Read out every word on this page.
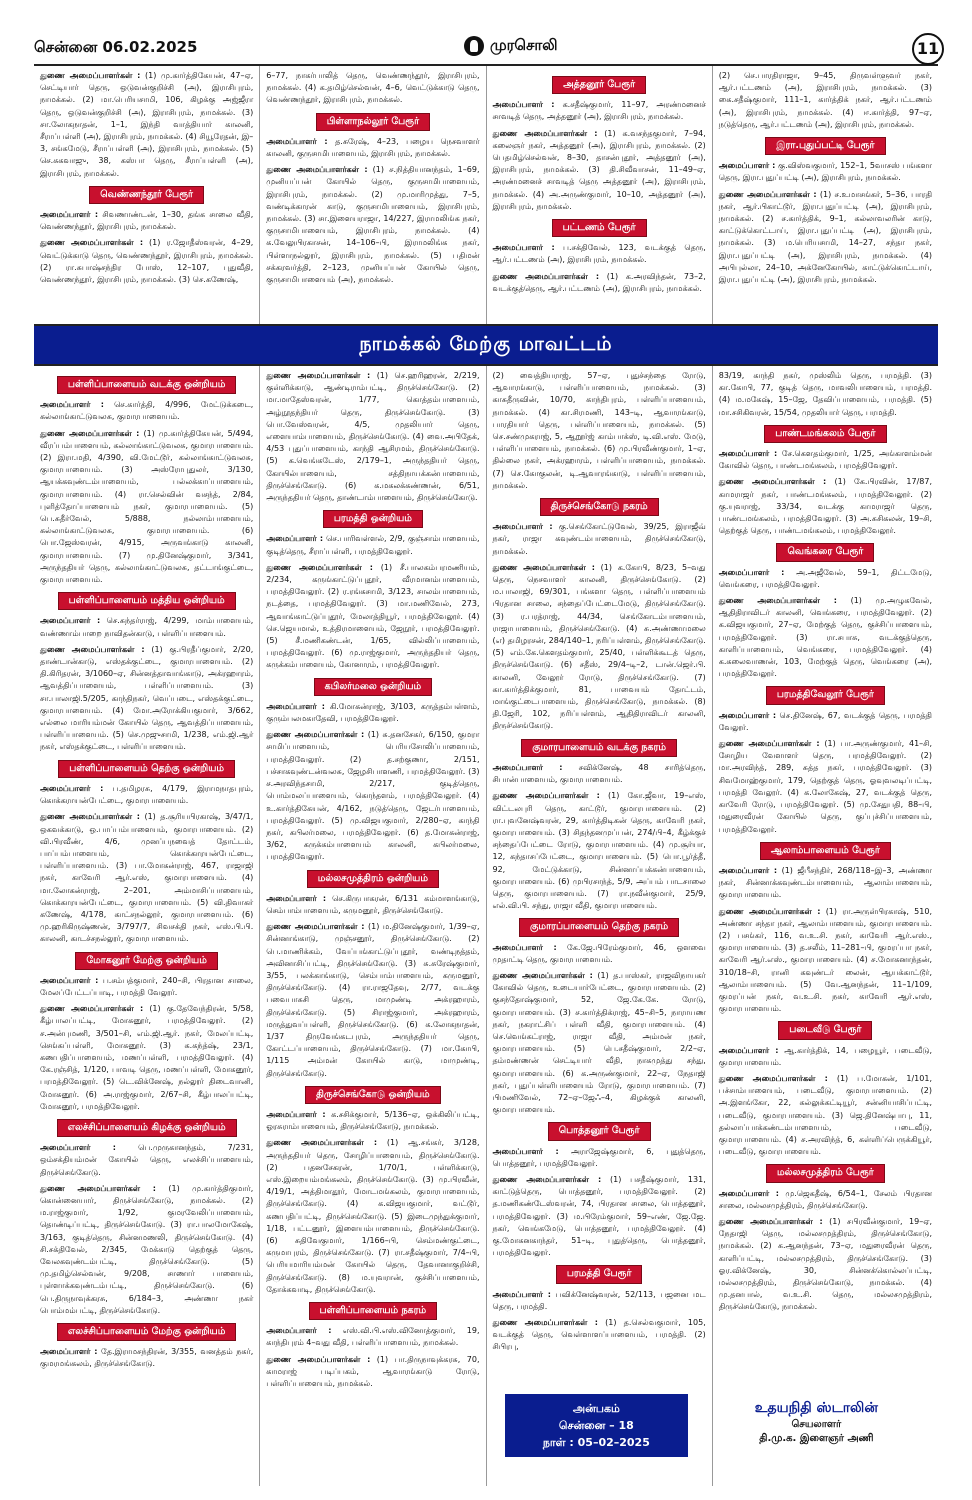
சென்னை 06.02.2025	முரசொலி	11

துணை அமைப்பாளர்கள் : (1) மு.கார்த்திகேயன், 47–ஏ, செட்டியார் தெரு, ஒடுவன்குறிச்சி (அ), இராசிபுரம், நாமக்கல். (2) மா.பெரியசாமி, 106, கிழக்கு அஜ்ஜீரா தெரு, ஒடுவன்குறிச்சி (அ), இராசிபுரம், நாமக்கல். (3) சா.லோகநாதன், 1–1, இந்தி வாத்தியார் காலனி, சீராப்பள்ளி (அ), இராசிபுரம், நாமக்கல். (4) சியூரேதன், இ–3, சங்கமேடு, சீராப்பள்ளி (அ), இராசிபுரம், நாமக்கல். (5) செ.சுகவாஜு, 38, கஸ்பா தெரு, சீராப்பள்ளி (அ), இராசிபுரம், நாமக்கல்.

வெண்ணந்தூர் பேரூர்

அமைப்பாளர் : சிவணாண்டன், 1–30, தங்க சாலை வீதி, வெண்ணந்தூர், இராசிபுரம், நாமக்கல்.

துணை அமைப்பாளர்கள் : (1) ர.ஜோதீஸ்வரன், 4–29, வெட்டுக்காடு தெரு, வெண்ணந்தூர், இராசிபுரம், நாமக்கல். (2) ரா.சுபாஷ்சந்திர போஸ், 12–107, புதுவீதி, வெண்ணந்தூர், இராசிபுரம், நாமக்கல். (3) செ.கணேஷ்,

6–77, நாகர்பாலித் தெரு, வெண்ணந்தூர், இராசிபுரம், நாமக்கல். (4) க.தமிழ்செல்வன், 4–6, வெட்டுக்காடு தெரு, வெண்ணந்தூர், இராசிபுரம், நாமக்கல்.

பிள்ளாநல்லூர் பேரூர்

அமைப்பாளர் : த.சுரேஷ், 4–23, பழைய நெசவாளர் காலனி, குருசாமிபாளையம், இராசிபுரம், நாமக்கல்.

துணை அமைப்பாளர்கள் : (1) ச.நித்தியானந்தம், 1–69, முனியப்பன் கோயில் தெரு, குருசாமிபாளையம், இராசிபுரம், நாமக்கல். (2) மு.மாரிமுத்து, 7–5, வண்டிக்காரன் காடு, குருசாமிபாளையம், இராசிபுரம், நாமக்கல். (3) சா.இளையராஜா, 14/227, இராமலிங்க நகர், குருசாமிபாளையம், இராசிபுரம், நாமக்கல். (4) க.வேலுபிரகாசன், 14–106–பி, இராமலிங்க நகர், பிள்ளாநல்லூர், இராசிபுரம், நாமக்கல். (5) பதிமன் சக்கரவர்த்தி, 2–123, முனியப்பன் கோயில் தெரு, குருசாமிபாளையம் (அ), நாமக்கல்.

அத்தனூர் பேரூர்

அமைப்பாளர் : க.சதீஷ்குமார், 11–97, அரண்மனைச் சாவடித் தெரு, அத்தனூர் (அ), இராசிபுரம், நாமக்கல்.

துணை அமைப்பாளர்கள் : (1) க.வசந்தகுமார், 7–94, கலைஞர் நகர், அத்தனூர் (அ), இராசிபுரம், நாமக்கல். (2) பெதமிழ்செல்வன், 8–30, தாசன்புதூர், அத்தனூர் (அ), இராசிபுரம், நாமக்கல். (3) தி.சிவீவாசன், 11–49–ஏ, அரண்மனைச் சாவடித் தெரு அத்தனூர் (அ), இராசிபுரம், நாமக்கல். (4) அ.அருண்குமார், 10–10, அத்தனூர் (அ), இராசிபுரம், நாமக்கல்.

பட்டணம் பேரூர்

அமைப்பாளர் : ப.சக்திவேல், 123, வடக்குத் தெரு, ஆர்.பட்டணம் (அ), இராசிபுரம், நாமக்கல்.

துணை அமைப்பாளர்கள் : (1) க.அரவிந்தன், 73–2, வடக்குத்தெரு, ஆர்.பட்டணம் (அ), இராசிபுரம், நாமக்கல்.

(2) செ.பாரதிராஜா, 9–45, திருவள்ளுவர் நகர், ஆர்.பட்டணம் (அ), இராசிபுரம், நாமக்கல். (3) கை.சதீஷ்குமார், 111–1, கார்த்திக் நகர், ஆர்.பட்டணம் (அ), இராசிபுரம், நாமக்கல். (4) ஈ.கார்த்தி, 97–ஏ, நடுத்தெரு, ஆர்.பட்டணம் (அ), இராசிபுரம், நாமக்கல்.

இரா.புதுப்பட்டி பேரூர்

அமைப்பாளர் : கு.விஸ்வகுமார், 152–1, 5வாசஸ் பங்களா தெரு, இரா.புதுப்பட்டி (அ), இராசிபுரம், நாமக்கல்.

துணை அமைப்பாளர்கள் : (1) ச.உமாசங்கர், 5–36, பாரதி நகர், ஆர்.பிகாட்டூர், இரா.புதுப்பட்டி (அ), இராசிபுரம், நாமக்கல். (2) ச.கார்த்திக், 9–1, கல்லாவலரின் காடு, காட்டுக்கொட்டாய், இரா.புதுப்பட்டி (அ), இராசிபுரம், நாமக்கல். (3) ம.பெரியசாமி, 14–27, சந்தா நகர், இரா.புதுப்பட்டி (அ), இராசிபுரம், நாமக்கல். (4) அபிபுல்லா, 24–10, அக்னேகோயில், காட்டுக்கொட்டாய், இரா.புதுப்பட்டி (அ), இராசிபுரம், நாமக்கல்.

நாமக்கல் மேற்கு மாவட்டம்
பள்ளிப்பாளையம் வடக்கு ஒன்றியம்

அமைப்பாளர் : செ.கார்த்தி, 4/996, மேட்டுக்கடை, கல்லாங்காட்டுவலசு, குமாரபாளையம்.

துணை அமைப்பாளர்கள் : (1) மு.கார்த்திகேயன், 5/494, வீரப்பம்பாளையம், கல்லாங்காட்டுவலசு, குமாரபாளையம். (2) இரா.மதி, 4/390, வி.மேட்டூர், கல்லாங்காட்டுவலசு, குமாரபாளையம். (3) அஸ்ரோபுதுலர், 3/130, ஆயக்கவுண்டம்பாளையம், பல்லக்காப்பாளையம், குமாரபாளையம். (4) ரா.செல்வின் வசந்த், 2/84, புளித்தோப்பாளையம் நகர், குமாரபாளையம். (5) பெ.சுதீர்வேல், 5/888, நல்லாம்பாளையம், கல்லாங்காட்டுவலசு, குமாரபாளையம். (6) பொ.ஜேஸ்வரன், 4/915, அருவங்காடு காலனி, குமாரபாளையம். (7) மு.தினேஷ்குமார், 3/341, அருந்ததியர் தெரு, கல்லாங்காட்டுவலசு, தட்டாங்குட்டை, குமாரபாளையம்.

பள்ளிப்பாளையம் மத்திய ஒன்றியம்

அமைப்பாளர் : செ.சுந்தர்ராஜ், 4/299, மாம்பாளையம், வண்ணாம்பாறை நாவிதன்காடு, பள்ளிப்பாளையம்.

துணை அமைப்பாளர்கள் : (1) கு.பிரதீப்குமார், 2/20, தாண்டான்காடு, எஸ்தக்குட்டை, குமாரபாளையம். (2) தி.கிரிதரன், 3/1060–ஏ, சின்னத்தாவாங்காடு, அக்ரஹாரம், ஆவத்திப்பாளையம், பள்ளிப்பாளையம். (3) சா.பாலாஜி.5/205, காந்திநகர், வெப்படை, எஸ்தக்குட்டை, குமாரபாளையம். (4) மோ.அரோக்கியகுமார், 3/662, எல்லை மாரியம்மன் கோயில் தெரு, ஆவத்திப்பாளையம், பள்ளிப்பாளையம். (5) செ.முஜுசாமி, 1/238, எம்.ஜி.ஆர் நகர், எஸ்தக்குட்டை, பள்ளிப்பாளையம்.

பள்ளிப்பாளையம் தெற்கு ஒன்றியம்

அமைப்பாளர் : ப.தமிழரசு, 4/179, இராமநாதபுரம், கொக்கராயன்பேட்டை, குமாரபாளையம்.

துணை அமைப்பாளர்கள் : (1) த.சூரியபிரகாஷ், 3/47/1, ஒகவக்காடு, ஒ.பாப்பம்பாளையம், குமாரபாளையம். (2) வி.பிரவீண், 4/6, முனப்பநவைத் தோட்டம், பாப்பம்பாளையம், கொக்காரயன்பேட்டை, பள்ளிப்பாளையம். (3) பா.மோகன்ராஜ், 467, ராஜாஜி நகர், காவேரி ஆர்.எஸ், குமாரபாளையம். (4) மா.லோகன்ராஜ், 2–201, அம்மாசிப்பாளையம், கொக்காரயன்பேட்டை, குமாரபாளையம். (5) வி.திவாகர் கணேஷ், 4/178, காட்சநல்லூர், குமாரபாளையம். (6) மு.ஹரிகிருஷ்ணன், 3/797/7, சிவசக்தி நகர், எஸ்.பி.பி. காலனி, காடச்சநல்லூர், குமாரபாளையம்.

மோகனூர் மேற்கு ஒன்றியம்

அமைப்பாளர் : ப.சம்பத்குமார், 240–சி, பிரதான சாலை, மேலப்பேட்டப்பாடி, பரமத்தி வேலூர்.

துணை அமைப்பாளர்கள் : (1) கு.தேவேந்திரன், 5/58, கீழ்பாலப்பட்டி, மோகனூர், பரமத்திவேலூர். (2) ச.அன்புமணி, 3/501–சி, எம்.ஜி.ஆர். நகர், மேலப்பட்டி, செங்கப்பள்ளி, மோகனூர். (3) க.கந்த்ஷ், 23/1, கணபதிப்பாளையம், மணப்பள்ளி, பரமத்திவேலூர். (4) கே.ரஞ்சித், 1/120, பாவடி தெரு, மணப்பள்ளி, மோகனூர், பரமத்திவேலூர். (5) டெ.விக்னேஷ், நல்லூர் திடைவானி, மோகனூர். (6) அ.ராஜ்குமார், 2/67–சி, கீழ்பாலப்பட்டி, மோகனூர், பரமத்திவேலூர்.

எலச்சிப்பாளையம் கிழக்கு ஒன்றியம்

அமைப்பாளர் :	பெ.முருகானந்தம், 7/231, ஒம்சக்தியம்மன் கோயில் தெரு, எலச்சிப்பாளையம், திருச்செங்கோடு.

துணை அமைப்பாளர்கள் : (1) மு.கார்த்திகுமார், கொன்னையார், திருச்செங்கோடு, நாமக்கல். (2) ம.ராஜ்குமார், 1/92, குமரவேலிப்பாளையம், தொண்டிப்பட்டி, திருச்செங்கோடு. (3) ரா.பாலமோகேஷ், 3/163, குடித்தெரு, சின்னமணலி, திருச்செங்கோடு. (4) சி.சக்திவேல், 2/345, மேக்காடு தெற்குத் தெரு, வேலகவுண்டம்பட்டி, திருச்செங்கோடு. (5) மு.தமிழ்செல்வன், 9/208, சாணார் பாளையம், புள்ளாக்கவுண்டம்பட்டி, திருச்செங்கோடு. (6) பெ.திருநாவுக்கரசு, 6/184–3, அண்ணா நகர் பொம்மம்பட்டி, திருச்செங்கோடு.

எலச்சிப்பாளையம் மேற்கு ஒன்றியம்

அமைப்பாளர் : தே.இராமசந்திரன், 3/355, வனத்தம் நகர், குமரமங்கலம், திருச்செங்கோடு.

துணை அமைப்பாளர்கள் : (1) செ.ஹரிஹரன், 2/219, குள்ளிக்காடு, ஆண்டிராம்பட்டி, திருச்செங்கோடு. (2) மா.மாதேஸ்வரன், 1/77, கொத்தம்பாளையம், அழ்நூதந்தியர் தெரு, திருச்செங்கோடு. (3) பொ.வேஸ்வரன், 4/5, முதலியார் தெரு, எளையாம்பாளையம், திருச்செங்கோடு. (4) வை.அபிதேக், 4/53 புதுப்பாளையம், காந்தி ஆசிரமம், திருச்செங்கோடு. (5) க.வெங்கடேஸ், 2/179–1, அருந்ததியர் தெரு, கோயில்பாளையம், சத்திநாயக்கன்பாளையம், திருச்செங்கோடு. (6) க.மகலக்கண்ணன், 6/51, அருந்ததியர் தெரு, தாண்டாம்பாளையம், திருச்செங்கோடு.

பரமத்தி ஒன்றியம்

அமைப்பாளர் : செ.பாரிவள்ளல், 2/9, குஞ்சாம்பாளையம், குடித்தெரு, சீராப்பள்ளி, பரமத்திவேலூர்.

துணை அமைப்பாளர்கள் : (1) சீ.பாலகம்பரமணியம், 2/234, கருங்காட்டுப்புதூர், வீரமானம்பாளையம், பரமத்திவேலூர். (2) ர.ரங்கசாமி, 3/123, சாலம்பாளையம், நடத்தை, பரமத்திவேலூர். (3) மா.மணிவேல், 273, ஆவாங்காட்டுப்புதூர், மேலாத்தியூர், பரமத்திவேலூர். (4) செ.ஜெயமால், உத்திரமாளையம், ஜேநூர், பரமத்திவேலூர். (5) சீ.மணிகண்டன், 1/65, வில்லிப்பாளையம், பரமத்திவேலூர். (6) மு.ராஜ்குமார், அருந்ததியர் தெரு, கருக்கம்பாளையம், கோனாரம், பரமத்திவேலூர்.

கபிலர்மலை ஒன்றியம்

அமைப்பாளர் : கி.மோகன்ராஜ், 3/103, கருத்தம்பள்ளம், குரும்பலமகாதேவி, பரமத்திவேலூர்.

துணை அமைப்பாளர்கள் : (1) சு.தனசேகர், 6/150, குமரா சாமிப்பாளையம், பெரியசோலிப்பாளையம், பரமத்திவேலூர். (2) த.சற்குணா, 2/151, பச்சாகவுண்டன்வலசு, ஜேழசிபாளணி, பரமத்திவேலூர். (3) ச.அரவிந்தசாமி, 2/217, குடித்தெரு, பொம்மலப்பாளையம், கொந்தளம், பரமத்திவேலூர். (4) உ.கார்த்திகேயன், 4/162, நடுத்தெரு, ஜேடர்பாளையம், பரமத்திவேலூர். (5) மு.விஜயகுமார், 2/280–ஏ, காந்தி நகர், கபிலர்மலை, பரமத்திவேலூர். (6) த.மோகன்ராஜ், 3/62, கருக்கம்பாளையம் காலனி, கபிலர்மலை, பரமத்திவேலூர்.

மல்லசமுத்திரம் ஒன்றியம்

அமைப்பாளர் : செ.கிருபாகரன், 6/131 கம்மாளங்காடு, செம்பாம்பாளையம், கருமனூர், திருச்செங்கோடு.

துணை அமைப்பாளர்கள் : (1) ம.தினேஷ்குமார், 1/39–ஏ, சின்னாங்காடு, முஞ்சனூர், திருச்செங்கோடு. (2) பெ.மாணிக்கம், வேப்பங்காட்டுப்புதூர், வண்டிநத்தம், அவினாசிப்பட்டி, திருச்செங்கோடு. (3) சு.சுரேஷ்குமார், 3/55, பலக்காங்காடு, செம்பாம்பாளையம், கருமனூர், திருச்செங்கோடு. (4) ரா.ராஜதேவு, 2/77, வடக்கு பவைபாசுசி தெரு, மாமுண்டி அக்ரஹாரம், திருச்செங்கோடு. (5) சிராஜ்குமார், அக்ரஹாரம், மருத்துவப்பள்ளி, திருச்செங்கோடு. (6) க.லோகநாதன், 1/37 திருவேங்கடபுரம், அருந்ததியர் தெரு, கோட்டப்பாளையம், திருச்செங்கோடு. (7) மா.கோபி, 1/115 அம்மன் கோயில் காடு, மாமுண்டி, திருச்செங்கோடு.

திருச்செங்கோடு ஒன்றியம்

அமைப்பாளர் : க.சசிக்குமார், 5/136–ஏ, ஒக்கிலிப்பட்டி, ஓரசுராம்பாளையம், திருச்செங்கோடு, நாமக்கல்.

துணை அமைப்பாளர்கள் : (1) ஆ.சங்கர், 3/128, அருந்ததியர் தெரு, சோழிப்பாளையம், திருச்செங்கோடு. (2) பதனசேகரன், 1/70/1, பள்ளிக்காடு, எஸ்.இறையம்மங்கலம், திருச்செங்கோடு. (3) மு.பிரவீன், 4/19/1, அத்திமாதூர், மோடமங்கலம், குமாரபாளையம், திருச்செங்கோடு. (4) க.விஜயகுமார், வட்டூர், கணபதிப்பட்டி, திருச்செங்கோடு. (5) இடைமுந்துக்குமார், 1/18, பட்டனூர், இளையம்பாளையம், திருச்செங்கோடு. (6) சுதிவேகுமார், 1/166–பி, செம்மண்குட்டை, கருமாபுரம், திருச்செங்கோடு. (7) ரா.சதீஷ்குமார், 7/4–பி, பெரியமாரியம்மன் கோயில் தெரு, தேவானாகுறிச்சி, திருச்செங்கோடு. (8) ம.யுவரான், குச்சிப்பாளையம், தோக்கவாடி, திருச்செங்கோடு.

பள்ளிப்பாளையம் நகரம்

அமைப்பாளர் : எஸ்.வி.பி.எஸ்.வினோத்குமார், 19, காந்திபுரம் 4–வது வீதி, பள்ளிப்பாளையம், நாமக்கல்.

துணை அமைப்பாளர்கள் : (1) பா.திருநாவுக்கரசு, 70, காமராஜ் படிப்பகம், ஆவாரங்காடு ரோடு, பள்ளிப்பாளையம், நாமக்கல்.

(2) வைத்தியராஜ், 57–ஏ, புதுச்சந்தை ரோடு, ஆவாரங்காடு, பள்ளிப்பாளையம், நாமக்கல். (3) காசுதீருவின், 10/70, காந்திபுரம், பள்ளிப்பாளையம், நாமக்கல். (4) கா.சிரமணி, 143–டி, ஆவாரங்காடு, பாரதியார் தெரு, பள்ளிப்பாளையம், நாமக்கல். (5) செ.சண்முகராஜ், 5, ஆறூர்ஜ் காம்பாக்ஸ், டி.வி.எஸ். மேடு, பள்ளிப்பாளையம், நாமக்கல். (6) மு.பிரவீண்குமார், 1–ஏ, தில்லை நகர், அக்ரஹாரம், பள்ளிப்பாளையம், நாமக்கல். (7) செ.கோகுலன், டி.ஆவாரங்காடு, பள்ளிப்பாளையம், நாமக்கல்.

திருச்செங்கோடு நகரம்

அமைப்பாளர் : கு.செங்கோட்டுவேல், 39/25, இராஜீவ் நகர், ராஜா கவுண்டம்பாளையம், திருச்செங்கோடு, நாமக்கல்.

துணை அமைப்பாளர்கள் : (1) க.கோபி, 8/23, 5–வது தெரு, நெசவாளர் காலனி, திருச்செங்கோடு. (2) ம.பாலாஜி, 69/301, பங்களா தெரு, பள்ளிப்பாளையம் பிரதான சாலை, சந்தைப்பேட்டைமேடு, திருச்செங்கோடு. (3) ர.பரத்ராஜ், 44/34, செங்கோடம்பாளையம், ராஜாபாளையம், திருச்செங்கோடு. (4) சு.அண்ணாமலை (எ) தமிழரசன், 284/140–1, நரிப்பள்ளம், திருச்செங்கோடு. (5) எம்.கே.கௌதம்குமார், 25/40, பள்ளிக்கூடத் தெரு, திருச்செங்கோடு. (6) சதீஸ், 29/4–டி–2, டான்.ஜெர்.பி. காலனி, வேலூர் ரோடு, திருச்செங்கோடு. (7) கா.கார்த்திக்குமார், 81, பாவையம் தோட்டம், மாங்குட்டைபாளையம், திருச்செங்கோடு, நாமக்கல். (8) தி.ஜேரி, 102, நரிப்பள்ளம், ஆதிதிராவிடர் காலனி, திருச்செங்கோடு.

குமாரபாளையம் வடக்கு நகரம்

அமைப்பாளர் : சவிக்னேஷ், 48 சாரித்தெரு, சிபான்பாளையம், குமாரபாளையம்.

துணை அமைப்பாளர்கள் : (1) கோ.ஜீவா, 19–எஸ், விட்டலபுரி தெரு, காட்டூர், குமாரபாளையம். (2) ரா.புவனேஷ்வரன், 29, கார்த்திடிகன் தெரு, காவேரி நகர், குமாரபாளையம். (3) சிதந்தனமுப்பன், 274/பி–4, கீழ்க்குச் சந்தைப்பேட்டை ரோடு, குமாரபாளையம். (4) மு.சூர்யா, 12, கந்தாசப்பேட்டை, குமாரபாளையம். (5) பொ.பூர்த்தீ, 92, மேட்டுக்காடு, சின்னாப்பக்கன்பாளையம், குமாரபாளையம். (6) முபிரசாந்த், 5/9, அப்பம் பாடசாலை தெரு, குமாரபாளையம். (7) ரா.நவீன்குமார், 25/9, எல்.வி.பி. சந்து, ராஜா வீதி, குமாரபாளையம்.

குமாரப்பாளையம் தெற்கு நகரம்

அமைப்பாளர் : கே.ஜே.பிரேம்குமார், 46, ஒளவை முதாட்டி தெரு, குமாரபாளையம்.

துணை அமைப்பாளர்கள் : (1) த.பாஸ்கர், ராஜவிநாயகர் கோவில் தெரு, உடையார்பேட்டை, குமாரபாளையம். (2) குசந்தோஷ்குமார், 52, ஜே.கே.கே. ரோடு, குமாரபாளையம். (3) ச.கார்த்திக்ராஜ், 45–சி–5, நாராயண நகர், நகராட்சிப் பள்ளி வீதி, குமாரபாளையம். (4) செ.வெங்கட்ராஜ், ராஜா வீதி, அம்மன் நகர், குமாரபாளையம். (5) பெ.சதீஷ்குமார், 2/2–ஏ, தம்மண்ணன் செட்டியார் வீதி, நாகமுத்து சந்து, குமாரபாளையம். (6) க.அருண்குமார், 22–ஏ, நேதாஜி நகர், புதுப்பள்ளிபாளையம் ரோடு, குமாரபாளையம். (7) பிமணிவேல், 72–ஏ–ஜேஃ–4, கிழக்குக் காலனி, குமாரபாளையம்.

பொத்தனூர் பேரூர்

அமைப்பாளர் : அராஜேஷ்குமார், 6, புதுத்தெரு, பொத்தனூர், பரமத்திவேலூர்.

துணை அமைப்பாளர்கள் : (1) பசதீஷ்குமார், 131, காட்டுத்தெரு, பொத்தனூர், பரமத்திவேலூர். (2) த.மணிகண்டேஸ்வரன், 74, பிரதான சாலை, பொத்தனூர், பரமத்திவேலூர். (3) ம.பிரேம்குமார், 59–எண், ஜே.ஜே. நகர், வெங்கமேடு, பொத்தனூர், பரமத்திவேலூர். (4) கு.மோகனகாந்தர், 51–டி, புதுத்தெரு, பொத்தனூர், பரமத்திவேலூர்.

பரமத்தி பேரூர்

அமைப்பாளர் : பவிக்னேஷ்வரன், 52/113, பஜனை மட தெரு, பரமத்தி.

துணை அமைப்பாளர்கள் : (1) த.செல்வகுமார், 105, வடக்குத் தெரு, வெள்ளாளப்பாளையம், பரமத்தி. (2) சிபிரபு,

83/19, காந்தி நகர், முஸ்லிம் தெரு, பரமத்தி. (3) கா.கோபி, 77, குடித் தெரு, மாவலிபாளையம், பரமத்தி. (4) ம.மகேஷ், 15–ஜே, தேவிப்பாளையம், பரமத்தி. (5) மா.சசிகிவரன், 15/54, முதலியார் தெரு, பரமத்தி.

பாண்டமங்கலம் பேரூர்

அமைப்பாளர் : சே.கௌதம்குமார், 1/25, அங்காளம்மன் கோவில் தெரு, பாண்டமங்கலம், பரமத்திவேலூர்.

துணை அமைப்பாளர்கள் : (1) கே.பிரவின், 17/87, காமராஜர் நகர், பாண்டமங்கலம், பரமத்திவேலூர். (2) கு.யுவராஜ், 33/34, வடக்கு காமராஜர் தெரு, பாண்டமங்கலம், பரமத்திவேலூர். (3) அ.சுசிகலன், 19–சி, தெற்குத் தெரு, பாண்டமங்கலம், பரமத்திவேலூர்.

வெங்கரை பேரூர்

அமைப்பாளர் : அ.அஜீவேல், 59–1, திட்டமேடு, வெங்கரை, பரமத்திவேலூர்.

துணை அமைப்பாளர்கள் : (1) மு.அழுகவேல், ஆதிதிராவிடர் காலனி, வெங்கரை, பரமத்திவேலூர். (2) க.விஜயகுமார், 27–ஏ, மேற்குத் தெரு, குச்சிப்பாளையம், பரமத்திவேலூர். (3) ரா.சபாசு, வடக்குத்தெரு, காளிப்பாளையம், வெங்கரை, பரமத்திவேலூர். (4) க.கலைவாணன், 103, மேற்குத் தெரு, வெங்கரை (அ), பரமத்திவேலூர்.

பரமத்திவேலூர் பேரூர்

அமைப்பாளர் : செ.தினேஷ், 67, வடக்குத் தெரு, பரமத்தி வேலூர்.

துணை அமைப்பாளர்கள் : (1) பா.அருண்குமார், 41–சி, சோழிய வேளாளர் தெரு, பரமத்திவேலூர். (2) மா.அரவிந்த், 289, சுத்த நகர், பரமத்திவேலூர். (3) சிவமோஹ்குமார், 179, தெற்குத் தெரு, ஓவுவலடிப்பட்டி, பரமத்தி வேலூர். (4) க.லோகேஷ், 27, வடக்குத் தெரு, காவேரி ரோடு, பரமத்திவேலூர். (5) மு.சேதுபதி, 88–பி, மதுரைவீரன் கோயில் தெரு, குப்புச்சிப்பாளையம், பரமத்திவேலூர்.

ஆலாம்பாளையம் பேரூர்

அமைப்பாளர் : (1) ஜீபீசந்திர், 268/118–இ–3, அண்ணா நகர், சின்னாக்கவுண்டம்பாளையம், ஆலாம்பாளையம், குமாரபாளையம்.

துணை அமைப்பாளர்கள் : (1) ரா.அருள்பிரகாஷ், 510, அண்ணா சந்தா நகர், ஆலாம்பாளையம், குமாரபாளையம். (2) பசங்கர், 116, வ.உ.சி. நகர், காவேரி ஆர்.எஸ்., குமாரபாளையம். (3) த.சலீம், 11–281–பி, குமரப்பா நகர், காவேரி ஆர்.எஸ்., குமாரபாளையம். (4) ச.மோகனாந்தன், 310/18–சி, ரானி கவுண்டர் லைன், ஆயக்காட்டூர், ஆலாம்பாளையம். (5) வே.ஆனந்தன், 11–1/109, குமரப்பன் நகர், வ.உ.சி. நகர், காவேரி ஆர்.எஸ், குமாரபாளையம்.

படைவீடு பேரூர்

அமைப்பாளர் : ஆ.கார்த்திக், 14, பழையூர், படைவீடு, குமாரபாளையம்.

துணை அமைப்பாளர்கள் : (1) ப.மோகன், 1/101, பச்சாம்பாளையம், படைவீடு, குமாரபாளையம். (2) அ.இளங்கோ, 22, கல்லுக்கட்டியூர், சன்னியாசிப்பட்டி, படைவீடு, குமாரபாளையம். (3) ஜெ.தினேஷ்பாபு, 11, தல்லாப்பாக்கண்டம்பாளையம், படைவீடு, குமாரபாளையம். (4) ச.அரவிந்த், 6, கள்ளிப்பெருக்கியூர், படைவீடு, குமாரபாளையம்.

மல்லசமுத்திரம் பேரூர்

அமைப்பாளர் : மு.ஜெகதீஷ், 6/54–1, சேலம் பிரதான சாலை, மல்லசமுத்திரம், திருச்செங்கோடு.

துணை அமைப்பாளர்கள் : (1) சபிரவீன்குமார், 19–ஏ, நேதாஜி தெரு, மல்லசமுத்திரம், திருச்செங்கோடு, நாமக்கல். (2) க.ஆனந்தன், 73–ஏ, மதுரைவீரன் தெரு, காளிப்பட்டி, மல்லசமுத்திரம், திருச்செங்கோடு. (3) ஓர.விக்னேஷ், 30, சின்னக்கொல்லப்பட்டி, மல்லசமுத்திரம், திருச்செங்கோடு, நாமக்கல். (4) மு.தனபால், வ.உ.சி. தெரு, மல்லசமுத்திரம், திருச்செங்கோடு, நாமக்கல்.

அன்பகம்
சென்னை – 18
நாள் : 05–02–2025
உதயநிதி ஸ்டாலின்
செயலாளர்
தி.மு.க. இளைஞர் அணி
